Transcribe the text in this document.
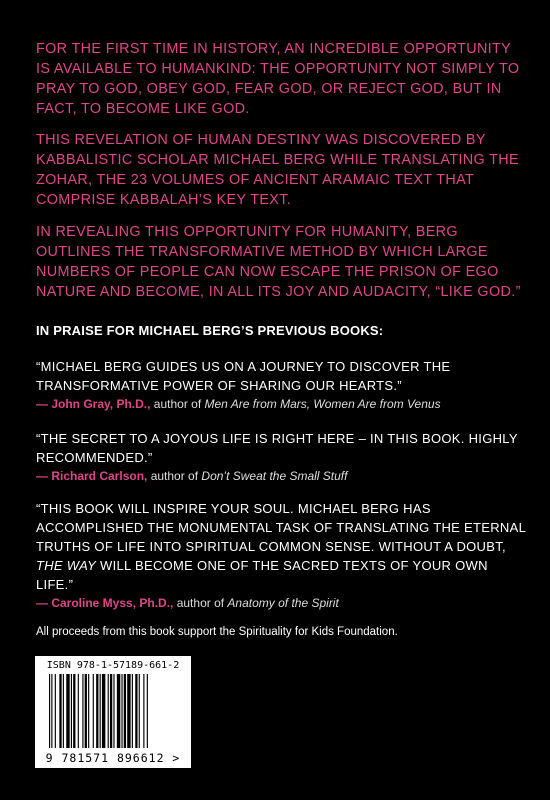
FOR THE FIRST TIME IN HISTORY, AN INCREDIBLE OPPORTUNITY IS AVAILABLE TO HUMANKIND: THE OPPORTUNITY NOT SIMPLY TO PRAY TO GOD, OBEY GOD, FEAR GOD, OR REJECT GOD, BUT IN FACT, TO BECOME LIKE GOD.
THIS REVELATION OF HUMAN DESTINY WAS DISCOVERED BY KABBALISTIC SCHOLAR MICHAEL BERG WHILE TRANSLATING THE ZOHAR, THE 23 VOLUMES OF ANCIENT ARAMAIC TEXT THAT COMPRISE KABBALAH’S KEY TEXT.
IN REVEALING THIS OPPORTUNITY FOR HUMANITY, BERG OUTLINES THE TRANSFORMATIVE METHOD BY WHICH LARGE NUMBERS OF PEOPLE CAN NOW ESCAPE THE PRISON OF EGO NATURE AND BECOME, IN ALL ITS JOY AND AUDACITY, “LIKE GOD.”
IN PRAISE FOR MICHAEL BERG’S PREVIOUS BOOKS:
“MICHAEL BERG GUIDES US ON A JOURNEY TO DISCOVER THE TRANSFORMATIVE POWER OF SHARING OUR HEARTS.”
— John Gray, Ph.D., author of Men Are from Mars, Women Are from Venus
“THE SECRET TO A JOYOUS LIFE IS RIGHT HERE – IN THIS BOOK. HIGHLY RECOMMENDED.”
— Richard Carlson, author of Don’t Sweat the Small Stuff
“THIS BOOK WILL INSPIRE YOUR SOUL. MICHAEL BERG HAS ACCOMPLISHED THE MONUMENTAL TASK OF TRANSLATING THE ETERNAL TRUTHS OF LIFE INTO SPIRITUAL COMMON SENSE. WITHOUT A DOUBT, THE WAY WILL BECOME ONE OF THE SACRED TEXTS OF YOUR OWN LIFE.”
— Caroline Myss, Ph.D., author of Anatomy of the Spirit
All proceeds from this book support the Spirituality for Kids Foundation.
ISBN 978-1-57189-661-2
9 781571 896612 >
